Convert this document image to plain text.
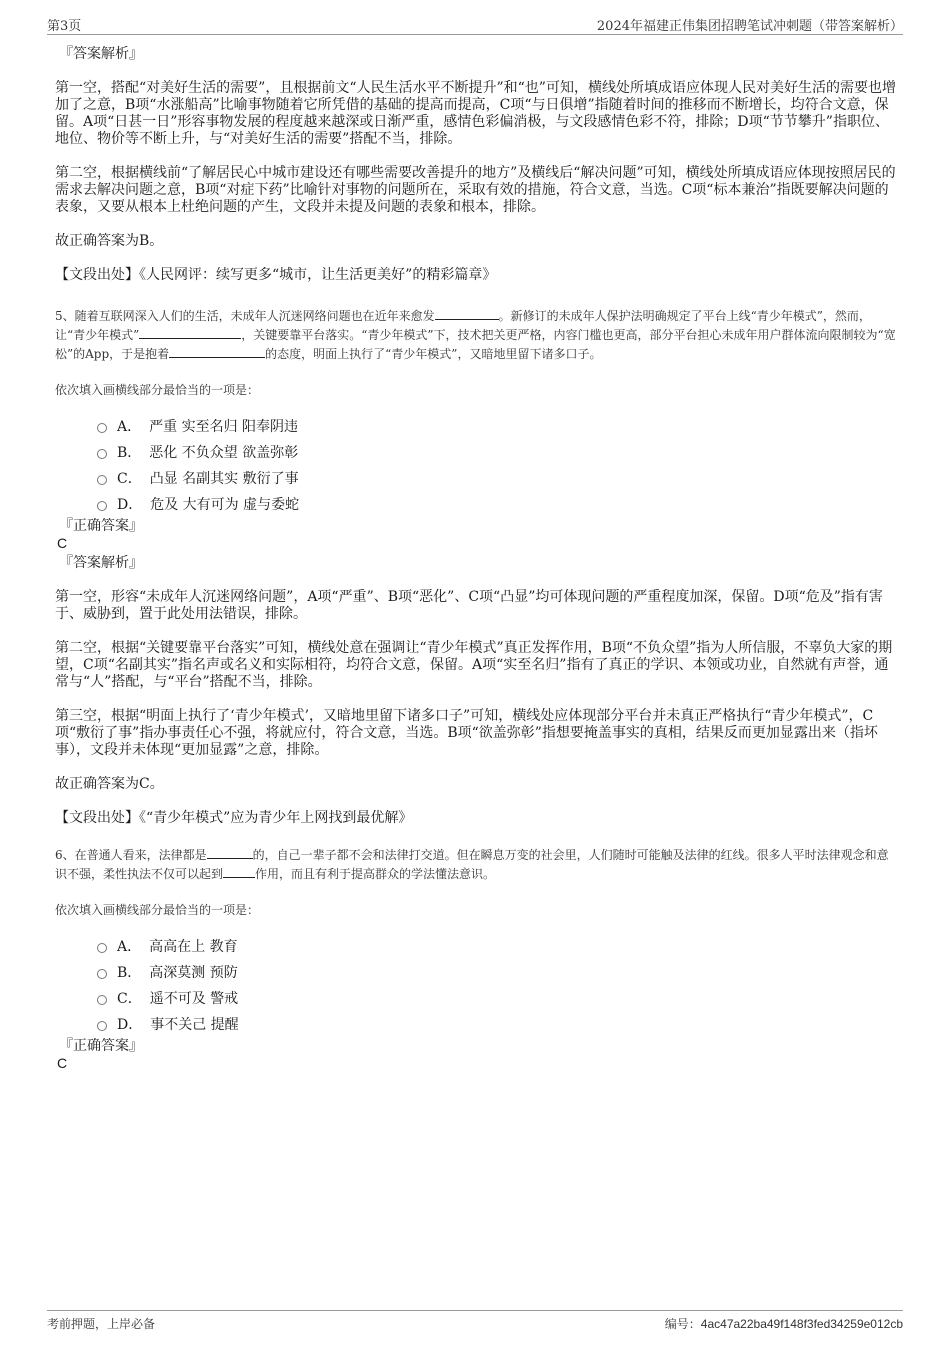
第3页	2024年福建正伟集团招聘笔试冲刺题（带答案解析）

『答案解析』

第一空，搭配“对美好生活的需要”，且根据前文“人民生活水平不断提升”和“也”可知，横线处所填成语应体现人民对美好生活的需要也增加了之意，B项“水涨船高”比喻事物随着它所凭借的基础的提高而提高，C项“与日俱增”指随着时间的推移而不断增长，均符合文意，保留。A项“日甚一日”形容事物发展的程度越来越深或日渐严重，感情色彩偏消极，与文段感情色彩不符，排除；D项“节节攀升”指职位、地位、物价等不断上升，与“对美好生活的需要”搭配不当，排除。

第二空，根据横线前“了解居民心中城市建设还有哪些需要改善提升的地方”及横线后“解决问题”可知，横线处所填成语应体现按照居民的需求去解决问题之意，B项“对症下药”比喻针对事物的问题所在，采取有效的措施，符合文意，当选。C项“标本兼治”指既要解决问题的表象，又要从根本上杜绝问题的产生，文段并未提及问题的表象和根本，排除。

故正确答案为B。

【文段出处】《人民网评：续写更多“城市，让生活更美好”的精彩篇章》

5、随着互联网深入人们的生活，未成年人沉迷网络问题也在近年来愈发	。新修订的未成年人保护法明确规定了平台上线“青少年模式”，然而，让“青少年模式”	，关键要靠平台落实。“青少年模式”下，技术把关更严格，内容门槛也更高，部分平台担心未成年用户群体流向限制较为“宽松”的App，于是抱着	的态度，明面上执行了“青少年模式”，又暗地里留下诸多口子。

依次填入画横线部分最恰当的一项是：

A． 严重 实至名归 阳奉阴违
B． 恶化 不负众望 欲盖弥彰
C． 凸显 名副其实 敷衍了事
D． 危及 大有可为 虚与委蛇

『正确答案』

C

『答案解析』

第一空，形容“未成年人沉迷网络问题”，A项“严重”、B项“恶化”、C项“凸显”均可体现问题的严重程度加深，保留。D项“危及”指有害于、威胁到，置于此处用法错误，排除。

第二空，根据“关键要靠平台落实”可知，横线处意在强调让“青少年模式”真正发挥作用，B项“不负众望”指为人所信服，不辜负大家的期望，C项“名副其实”指名声或名义和实际相符，均符合文意，保留。A项“实至名归”指有了真正的学识、本领或功业，自然就有声誉，通常与“人”搭配，与“平台”搭配不当，排除。

第三空，根据“明面上执行了‘青少年模式’，又暗地里留下诸多口子”可知，横线处应体现部分平台并未真正严格执行“青少年模式”，C项“敷衍了事”指办事责任心不强，将就应付，符合文意，当选。B项“欲盖弥彰”指想要掩盖事实的真相，结果反而更加显露出来（指坏事），文段并未体现“更加显露”之意，排除。

故正确答案为C。

【文段出处】《“青少年模式”应为青少年上网找到最优解》

6、在普通人看来，法律都是	的，自己一辈子都不会和法律打交道。但在瞬息万变的社会里，人们随时可能触及法律的红线。很多人平时法律观念和意识不强，柔性执法不仅可以起到	作用，而且有利于提高群众的学法懂法意识。

依次填入画横线部分最恰当的一项是：

A． 高高在上 教育
B． 高深莫测 预防
C． 遥不可及 警戒
D． 事不关己 提醒

『正确答案』

C

考前押题，上岸必备	编号：4ac47a22ba49f148f3fed34259e012cb
